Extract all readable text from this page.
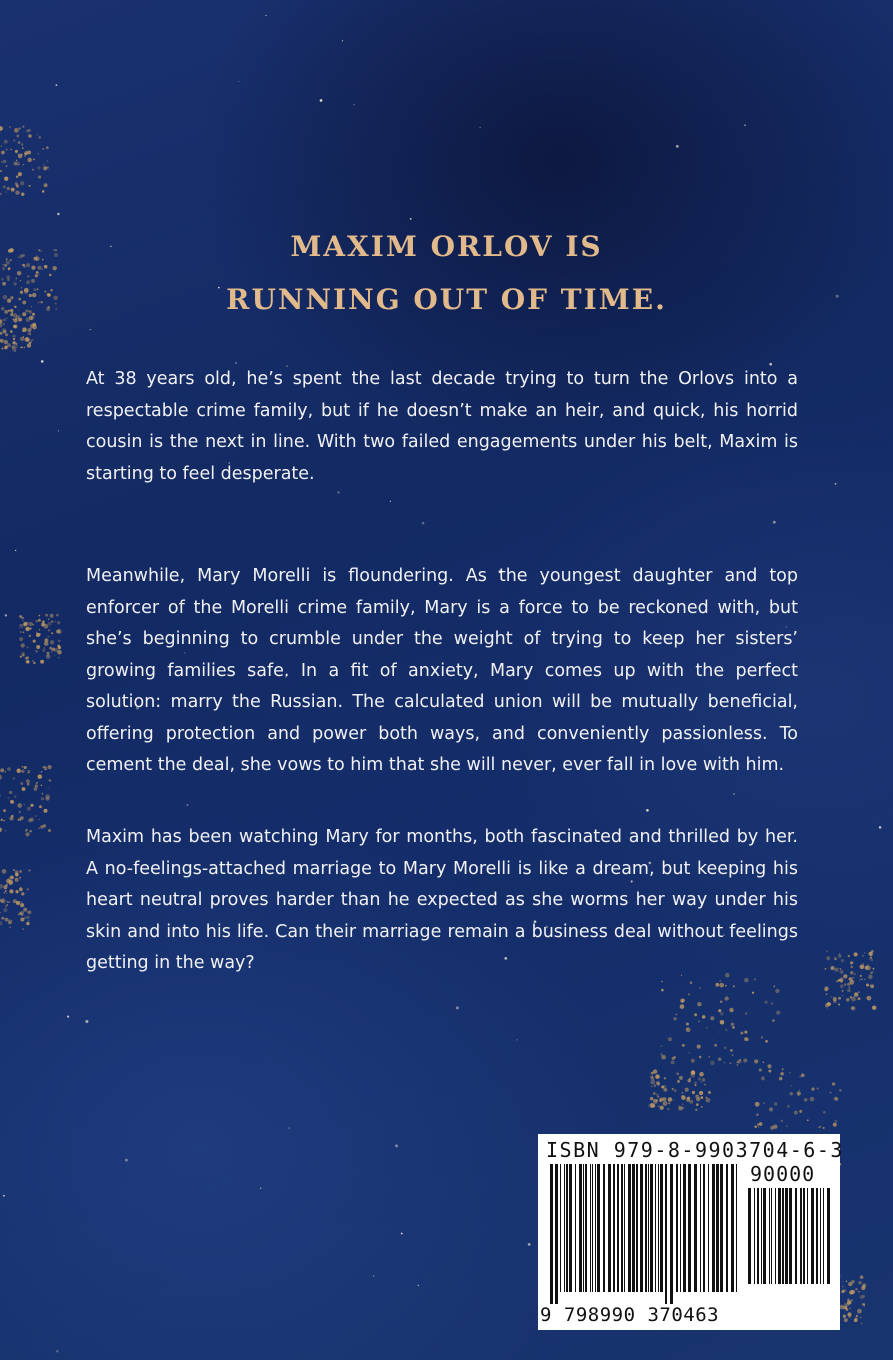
MAXIM ORLOV IS
RUNNING OUT OF TIME.

At 38 years old, he’s spent the last decade trying to turn the Orlovs into a respectable crime family, but if he doesn’t make an heir, and quick, his horrid cousin is the next in line. With two failed engagements under his belt, Maxim is starting to feel desperate.

Meanwhile, Mary Morelli is floundering. As the youngest daughter and top enforcer of the Morelli crime family, Mary is a force to be reckoned with, but she’s beginning to crumble under the weight of trying to keep her sisters’ growing families safe. In a fit of anxiety, Mary comes up with the perfect solution: marry the Russian. The calculated union will be mutually beneficial, offering protection and power both ways, and conveniently passionless. To cement the deal, she vows to him that she will never, ever fall in love with him.

Maxim has been watching Mary for months, both fascinated and thrilled by her. A no-feelings-attached marriage to Mary Morelli is like a dream, but keeping his heart neutral proves harder than he expected as she worms her way under his skin and into his life. Can their marriage remain a business deal without feelings getting in the way?

ISBN 979-8-9903704-6-3
90000
9 798990 370463
